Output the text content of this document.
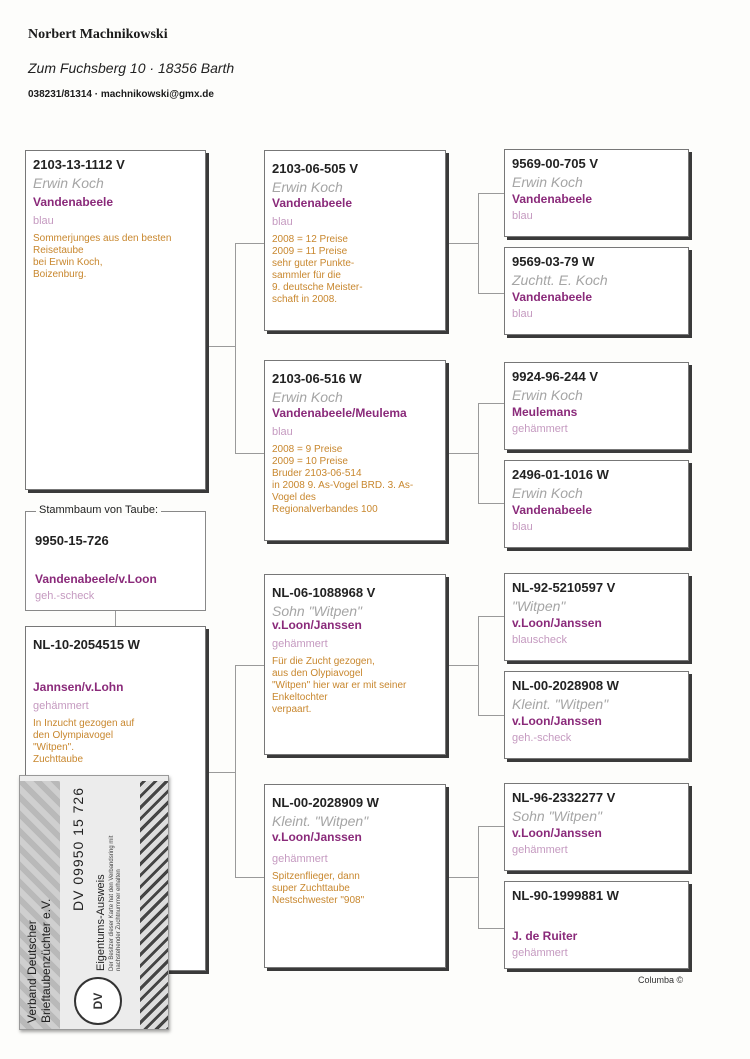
Norbert Machnikowski
Zum Fuchsberg 10 · 18356 Barth
038231/81314 · machnikowski@gmx.de
2103-13-1112 V
Erwin Koch
Vandenabeele
blau
Sommerjunges aus den besten
Reisetaube
bei Erwin Koch,
Boizenburg.
Stammbaum von Taube:
9950-15-726
Vandenabeele/v.Loon
geh.-scheck
NL-10-2054515 W
Jannsen/v.Lohn
gehämmert
In Inzucht gezogen auf
den Olympiavogel
"Witpen".
Zuchttaube
2103-06-505 V
Erwin Koch
Vandenabeele
blau
2008 = 12 Preise
2009 = 11 Preise
sehr guter Punkte-
sammler für die
9. deutsche Meister-
schaft in 2008.
2103-06-516 W
Erwin Koch
Vandenabeele/Meulema
blau
2008 = 9 Preise
2009 = 10 Preise
Bruder 2103-06-514
in 2008 9. As-Vogel BRD. 3. As-
Vogel des
Regionalverbandes 100
NL-06-1088968 V
Sohn "Witpen"
v.Loon/Janssen
gehämmert
Für die Zucht gezogen,
aus den Olypiavogel
"Witpen" hier war er mit seiner
Enkeltochter
verpaart.
NL-00-2028909 W
Kleint. "Witpen"
v.Loon/Janssen
gehämmert
Spitzenflieger, dann
super Zuchttaube
Nestschwester "908"
9569-00-705 V
Erwin Koch
Vandenabeele
blau
9569-03-79 W
Zuchtt. E. Koch
Vandenabeele
blau
9924-96-244 V
Erwin Koch
Meulemans
gehämmert
2496-01-1016 W
Erwin Koch
Vandenabeele
blau
NL-92-5210597 V
"Witpen"
v.Loon/Janssen
blauscheck
NL-00-2028908 W
Kleint. "Witpen"
v.Loon/Janssen
geh.-scheck
NL-96-2332277 V
Sohn "Witpen"
v.Loon/Janssen
gehämmert
NL-90-1999881 W
J. de Ruiter
gehämmert
Columba ©
Verband Deutscher
Brieftaubenzüchter e.V.
DV
DV 09950 15 726
Eigentums-Ausweis Der Besitzer dieser Karte hat den Verbandsring mit nachstehender Zuchtnummer erhalten
